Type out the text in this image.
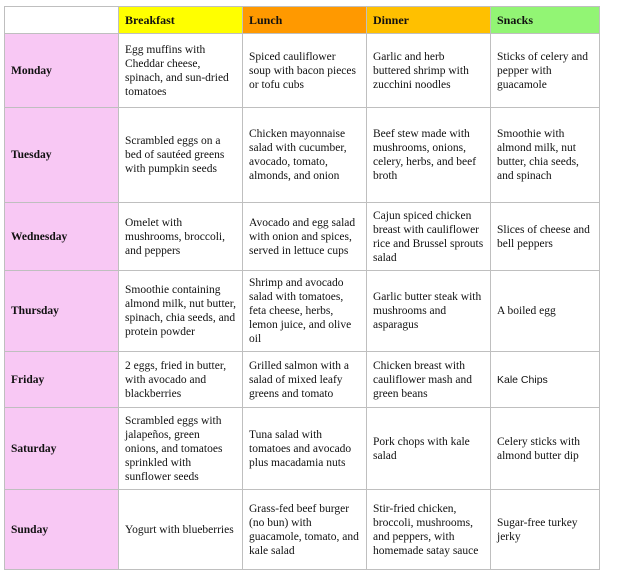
	Breakfast	Lunch	Dinner	Snacks
Monday	Egg muffins with Cheddar cheese, spinach, and sun-dried tomatoes	Spiced cauliflower soup with bacon pieces or tofu cubs	Garlic and herb buttered shrimp with zucchini noodles	Sticks of celery and pepper with guacamole
Tuesday	Scrambled eggs on a bed of sautéed greens with pumpkin seeds	Chicken mayonnaise salad with cucumber, avocado, tomato, almonds, and onion	Beef stew made with mushrooms, onions, celery, herbs, and beef broth	Smoothie with almond milk, nut butter, chia seeds, and spinach
Wednesday	Omelet with mushrooms, broccoli, and peppers	Avocado and egg salad with onion and spices, served in lettuce cups	Cajun spiced chicken breast with cauliflower rice and Brussel sprouts salad	Slices of cheese and bell peppers
Thursday	Smoothie containing almond milk, nut butter, spinach, chia seeds, and protein powder	Shrimp and avocado salad with tomatoes, feta cheese, herbs, lemon juice, and olive oil	Garlic butter steak with mushrooms and asparagus	A boiled egg
Friday	2 eggs, fried in butter, with avocado and blackberries	Grilled salmon with a salad of mixed leafy greens and tomato	Chicken breast with cauliflower mash and green beans	Kale Chips
Saturday	Scrambled eggs with jalapeños, green onions, and tomatoes sprinkled with sunflower seeds	Tuna salad with tomatoes and avocado plus macadamia nuts	Pork chops with kale salad	Celery sticks with almond butter dip
Sunday	Yogurt with blueberries	Grass-fed beef burger (no bun) with guacamole, tomato, and kale salad	Stir-fried chicken, broccoli, mushrooms, and peppers, with homemade satay sauce	Sugar-free turkey jerky
